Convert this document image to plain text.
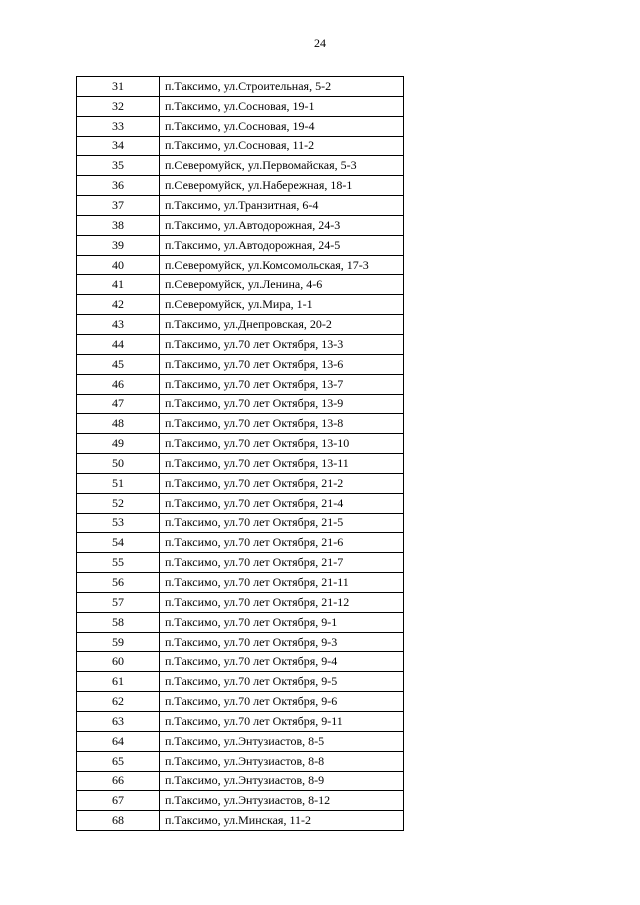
24
31	п.Таксимо, ул.Строительная, 5-2
32	п.Таксимо, ул.Сосновая, 19-1
33	п.Таксимо, ул.Сосновая, 19-4
34	п.Таксимо, ул.Сосновая, 11-2
35	п.Северомуйск, ул.Первомайская, 5-3
36	п.Северомуйск, ул.Набережная, 18-1
37	п.Таксимо, ул.Транзитная, 6-4
38	п.Таксимо, ул.Автодорожная, 24-3
39	п.Таксимо, ул.Автодорожная, 24-5
40	п.Северомуйск, ул.Комсомольская, 17-3
41	п.Северомуйск, ул.Ленина, 4-6
42	п.Северомуйск, ул.Мира, 1-1
43	п.Таксимо, ул.Днепровская, 20-2
44	п.Таксимо, ул.70 лет Октября, 13-3
45	п.Таксимо, ул.70 лет Октября, 13-6
46	п.Таксимо, ул.70 лет Октября, 13-7
47	п.Таксимо, ул.70 лет Октября, 13-9
48	п.Таксимо, ул.70 лет Октября, 13-8
49	п.Таксимо, ул.70 лет Октября, 13-10
50	п.Таксимо, ул.70 лет Октября, 13-11
51	п.Таксимо, ул.70 лет Октября, 21-2
52	п.Таксимо, ул.70 лет Октября, 21-4
53	п.Таксимо, ул.70 лет Октября, 21-5
54	п.Таксимо, ул.70 лет Октября, 21-6
55	п.Таксимо, ул.70 лет Октября, 21-7
56	п.Таксимо, ул.70 лет Октября, 21-11
57	п.Таксимо, ул.70 лет Октября, 21-12
58	п.Таксимо, ул.70 лет Октября, 9-1
59	п.Таксимо, ул.70 лет Октября, 9-3
60	п.Таксимо, ул.70 лет Октября, 9-4
61	п.Таксимо, ул.70 лет Октября, 9-5
62	п.Таксимо, ул.70 лет Октября, 9-6
63	п.Таксимо, ул.70 лет Октября, 9-11
64	п.Таксимо, ул.Энтузиастов, 8-5
65	п.Таксимо, ул.Энтузиастов, 8-8
66	п.Таксимо, ул.Энтузиастов, 8-9
67	п.Таксимо, ул.Энтузиастов, 8-12
68	п.Таксимо, ул.Минская, 11-2
